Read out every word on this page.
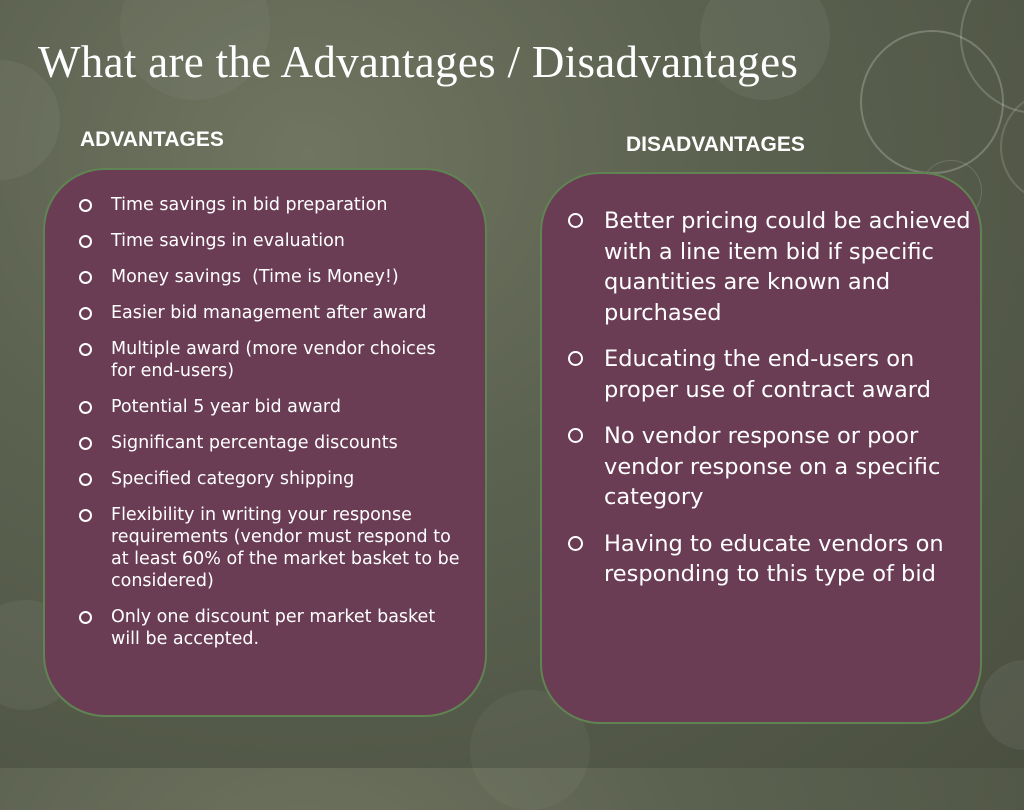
What are the Advantages / Disadvantages
ADVANTAGES	DISADVANTAGES
Time savings in bid preparation
Time savings in evaluation
Money savings  (Time is Money!)
Easier bid management after award
Multiple award (more vendor choices for end-users)
Potential 5 year bid award
Significant percentage discounts
Specified category shipping
Flexibility in writing your response requirements (vendor must respond to at least 60% of the market basket to be considered)
Only one discount per market basket will be accepted.
Better pricing could be achieved with a line item bid if specific quantities are known and purchased
Educating the end-users on proper use of contract award
No vendor response or poor vendor response on a specific category
Having to educate vendors on responding to this type of bid
